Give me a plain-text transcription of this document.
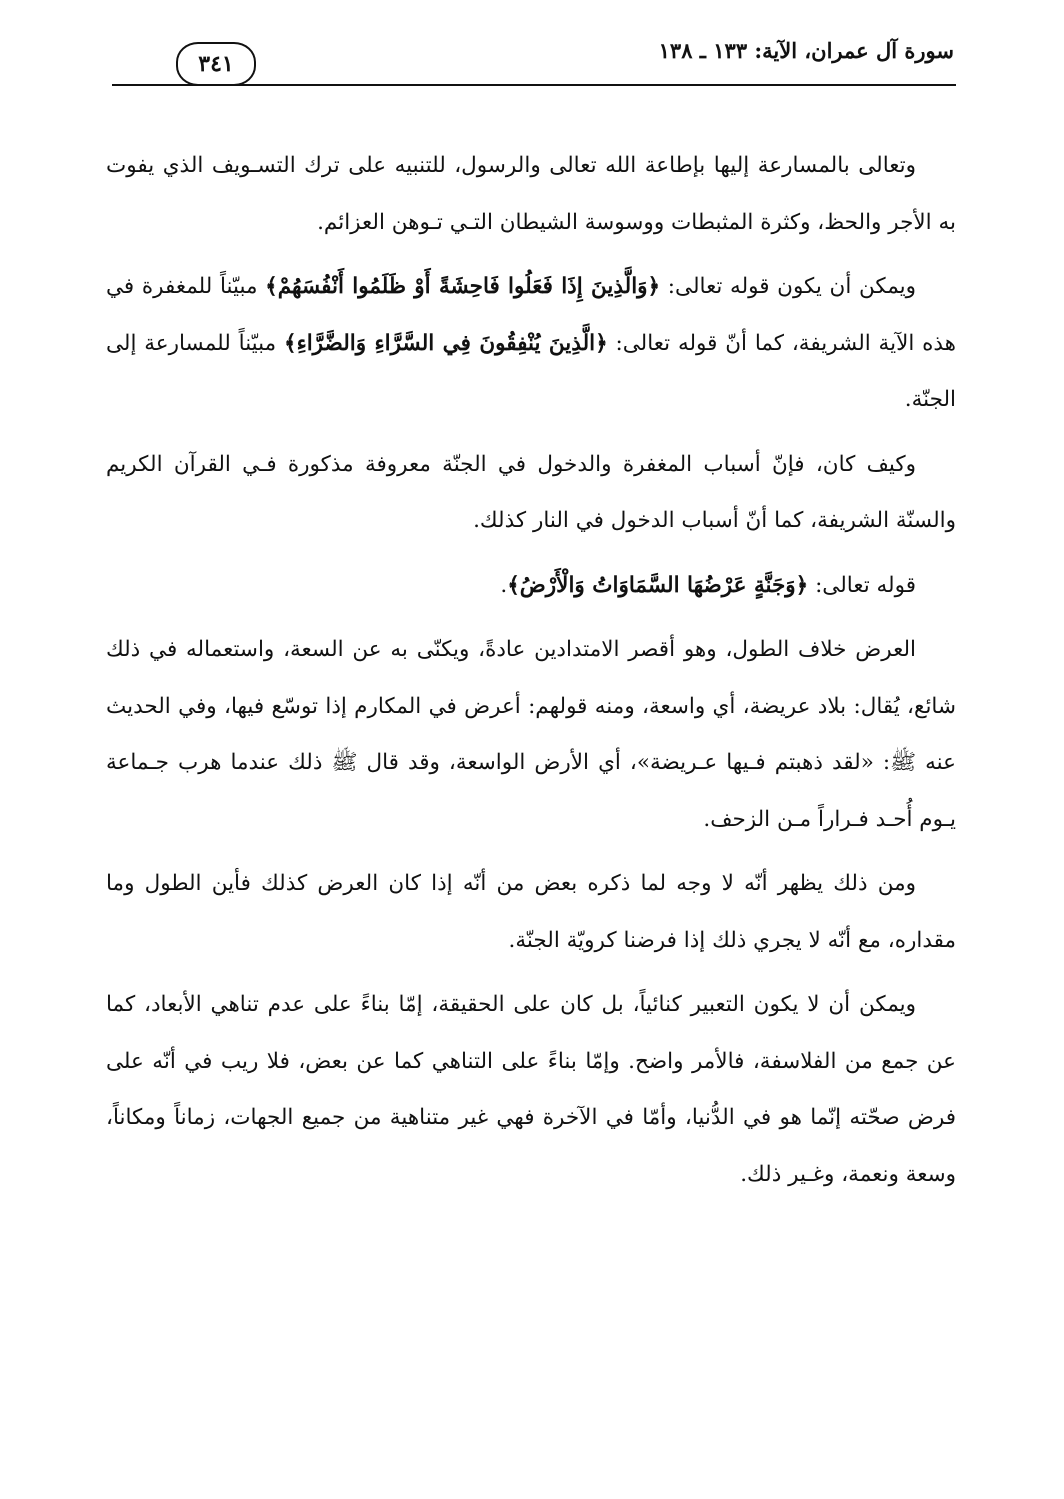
سورة آل عمران، الآية: ١٣٣ ـ ١٣٨
٣٤١

وتعالى بالمسارعة إليها بإطاعة الله تعالى والرسول، للتنبيه على ترك التسـويف الذي يفوت به الأجر والحظ، وكثرة المثبطات ووسوسة الشيطان التـي تـوهن العزائم.

ويمكن أن يكون قوله تعالى: ﴿وَالَّذِينَ إِذَا فَعَلُوا فَاحِشَةً أَوْ ظَلَمُوا أَنْفُسَهُمْ﴾ مبيّناً للمغفرة في هذه الآية الشريفة، كما أنّ قوله تعالى: ﴿الَّذِينَ يُنْفِقُونَ فِي السَّرَّاءِ وَالضَّرَّاءِ﴾ مبيّناً للمسارعة إلى الجنّة.

وكيف كان، فإنّ أسباب المغفرة والدخول في الجنّة معروفة مذكورة فـي القرآن الكريم والسنّة الشريفة، كما أنّ أسباب الدخول في النار كذلك.

قوله تعالى: ﴿وَجَنَّةٍ عَرْضُهَا السَّمَاوَاتُ وَالْأَرْضُ﴾.

العرض خلاف الطول، وهو أقصر الامتدادين عادةً، ويكنّى به عن السعة، واستعماله في ذلك شائع، يُقال: بلاد عريضة، أي واسعة، ومنه قولهم: أعرض في المكارم إذا توسّع فيها، وفي الحديث عنه ﷺ: «لقد ذهبتم فـيها عـريضة»، أي الأرض الواسعة، وقد قال ﷺ ذلك عندما هرب جـماعة يـوم أُحـد فـراراً مـن الزحف.

ومن ذلك يظهر أنّه لا وجه لما ذكره بعض من أنّه إذا كان العرض كذلك فأين الطول وما مقداره، مع أنّه لا يجري ذلك إذا فرضنا كرويّة الجنّة.

ويمكن أن لا يكون التعبير كنائياً، بل كان على الحقيقة، إمّا بناءً على عدم تناهي الأبعاد، كما عن جمع من الفلاسفة، فالأمر واضح. وإمّا بناءً على التناهي كما عن بعض، فلا ريب في أنّه على فرض صحّته إنّما هو في الدُّنيا، وأمّا في الآخرة فهي غير متناهية من جميع الجهات، زماناً ومكاناً، وسعة ونعمة، وغـير ذلك.
